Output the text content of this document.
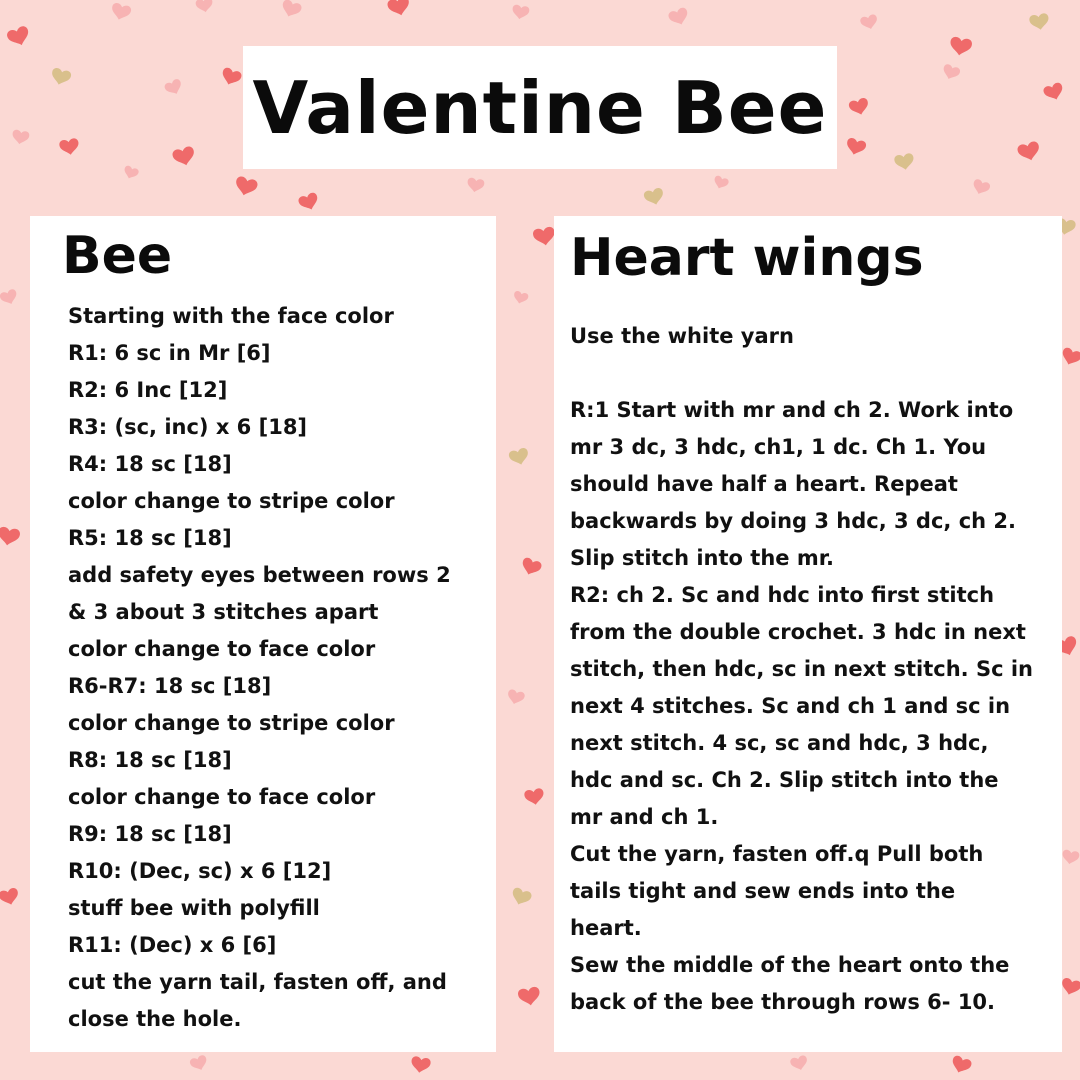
Valentine Bee
Bee
Starting with the face color
R1: 6 sc in Mr [6]
R2: 6 Inc [12]
R3: (sc, inc) x 6 [18]
R4: 18 sc [18]
color change to stripe color
R5: 18 sc [18]
add safety eyes between rows 2
& 3 about 3 stitches apart
color change to face color
R6-R7: 18 sc [18]
color change to stripe color
R8: 18 sc [18]
color change to face color
R9: 18 sc [18]
R10: (Dec, sc) x 6 [12]
stuff bee with polyfill
R11: (Dec) x 6 [6]
cut the yarn tail, fasten off, and
close the hole.
Heart wings
Use the white yarn
R:1 Start with mr and ch 2. Work into
mr 3 dc, 3 hdc, ch1, 1 dc. Ch 1. You
should have half a heart. Repeat
backwards by doing 3 hdc, 3 dc, ch 2.
Slip stitch into the mr.
R2: ch 2. Sc and hdc into first stitch
from the double crochet. 3 hdc in next
stitch, then hdc, sc in next stitch. Sc in
next 4 stitches. Sc and ch 1 and sc in
next stitch. 4 sc, sc and hdc, 3 hdc,
hdc and sc. Ch 2. Slip stitch into the
mr and ch 1.
Cut the yarn, fasten off.q Pull both
tails tight and sew ends into the
heart.
Sew the middle of the heart onto the
back of the bee through rows 6- 10.
